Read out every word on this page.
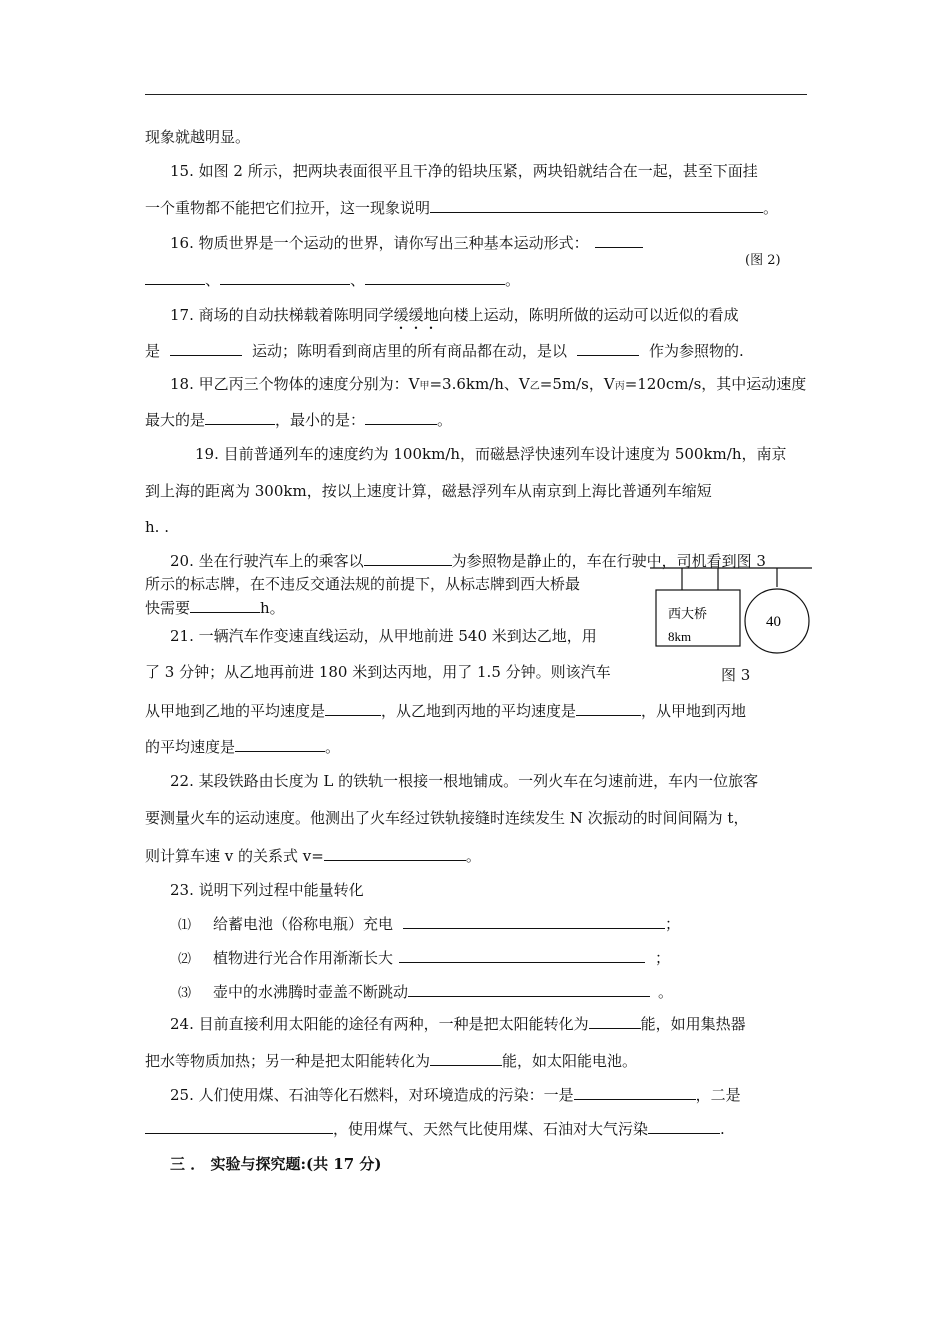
现象就越明显。
15. 如图 2 所示，把两块表面很平且干净的铅块压紧，两块铅就结合在一起，甚至下面挂
一个重物都不能把它们拉开，这一现象说明	。
16. 物质世界是一个运动的世界，请你写出三种基本运动形式：
(图 2)
、	、	。
17. 商场的自动扶梯载着陈明同学缓缓地向楼上运动，陈明所做的运动可以近似的看成
是	运动；陈明看到商店里的所有商品都在动，是以	作为参照物的.
18. 甲乙丙三个物体的速度分别为：V甲=3.6km/h、V乙=5m/s，V丙=120cm/s，其中运动速度
最大的是	，最小的是：	。
19. 目前普通列车的速度约为 100km/h，而磁悬浮快速列车设计速度为 500km/h，南京
到上海的距离为 300km，按以上速度计算，磁悬浮列车从南京到上海比普通列车缩短
h. .
20. 坐在行驶汽车上的乘客以	为参照物是静止的，车在行驶中，司机看到图 3
所示的标志牌，在不违反交通法规的前提下，从标志牌到西大桥最
快需要	h。	西大桥
8km
40
21. 一辆汽车作变速直线运动，从甲地前进 540 米到达乙地，用
了 3 分钟；从乙地再前进 180 米到达丙地，用了 1.5 分钟。则该汽车	图 3
从甲地到乙地的平均速度是	，从乙地到丙地的平均速度是	，从甲地到丙地
的平均速度是	。
22. 某段铁路由长度为 L 的铁轨一根接一根地铺成。一列火车在匀速前进，车内一位旅客
要测量火车的运动速度。他测出了火车经过铁轨接缝时连续发生 N 次振动的时间间隔为 t，
则计算车速 v 的关系式 v=	。
23. 说明下列过程中能量转化
⑴ 给蓄电池（俗称电瓶）充电	；
⑵ 植物进行光合作用渐渐长大	；
⑶ 壶中的水沸腾时壶盖不断跳动	。
24. 目前直接利用太阳能的途径有两种，一种是把太阳能转化为	能，如用集热器
把水等物质加热；另一种是把太阳能转化为	能，如太阳能电池。
25. 人们使用煤、石油等化石燃料，对环境造成的污染：一是	，二是
，使用煤气、天然气比使用煤、石油对大气污染	.
三 ． 实验与探究题:(共 17 分)
